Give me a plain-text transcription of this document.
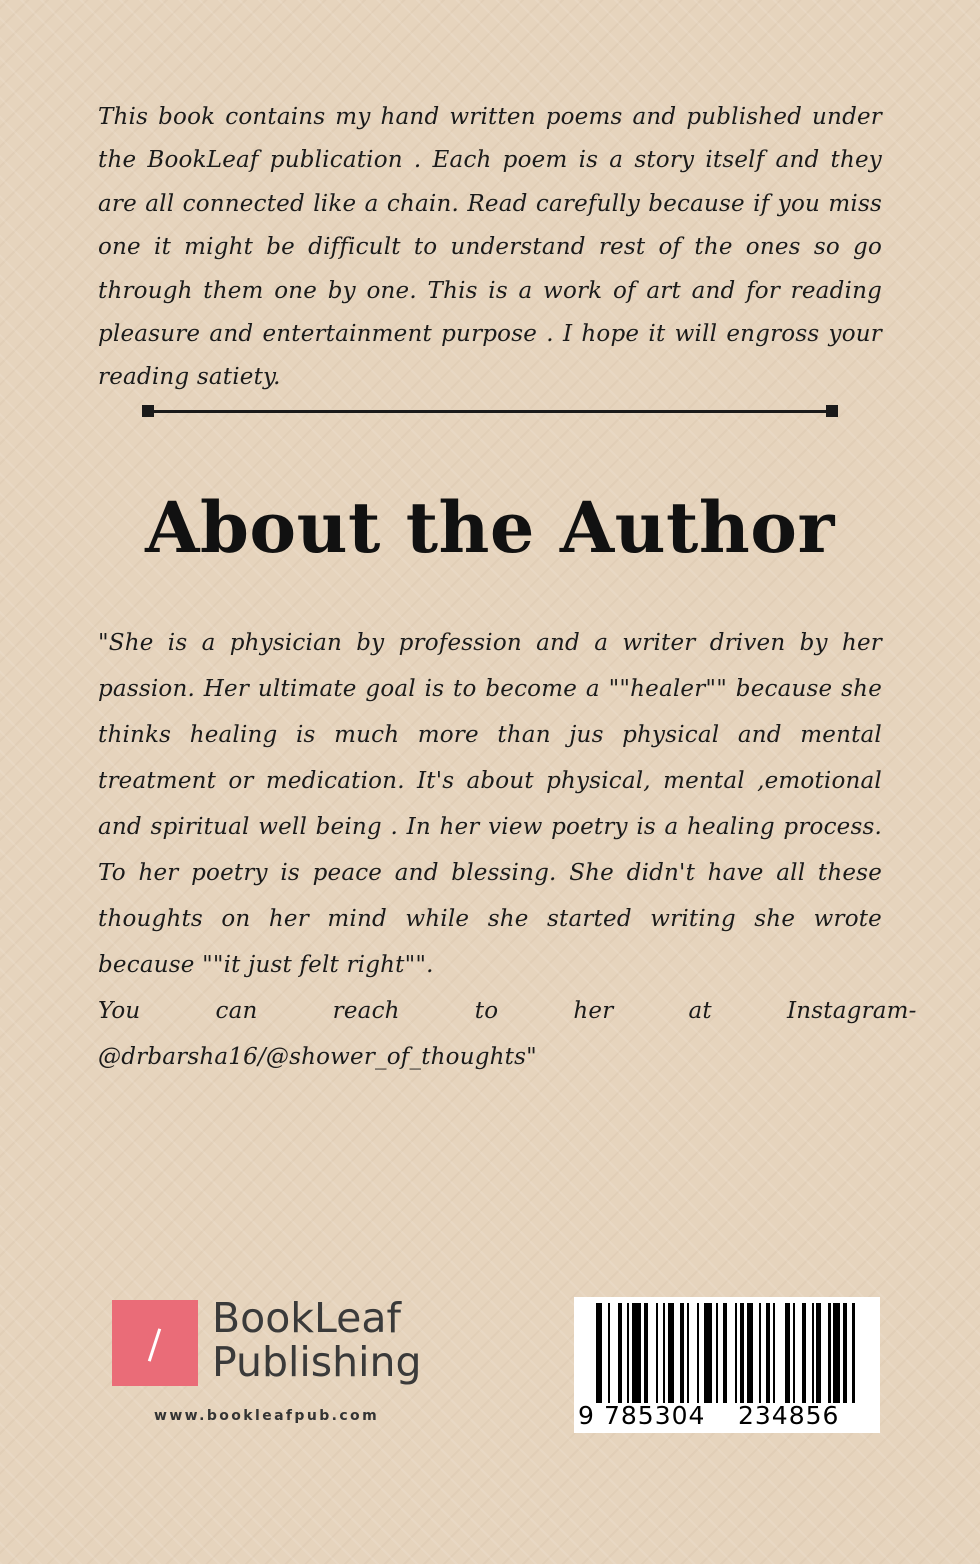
This book contains my hand written poems and published under the BookLeaf publication . Each poem is a story itself and they are all connected like a chain. Read carefully because if you miss one it might be difficult to understand rest of the ones so go through them one by one. This is a work of art and for reading pleasure and entertainment purpose . I hope it will engross your reading satiety.

About the Author
"She is a physician by profession and a writer driven by her passion. Her ultimate goal is to become a ""healer"" because she thinks healing is much more than jus physical and mental treatment or medication. It's about physical, mental ,emotional and spiritual well being . In her view poetry is a healing process. To her poetry is peace and blessing. She didn't have all these thoughts on her mind while she started writing she wrote because ""it just felt right"".
You          can          reach          to          her          at          Instagram-
@drbarsha16/@shower_of_thoughts"
BookLeaf
Publishing
www.bookleafpub.com	9 785304 234856
